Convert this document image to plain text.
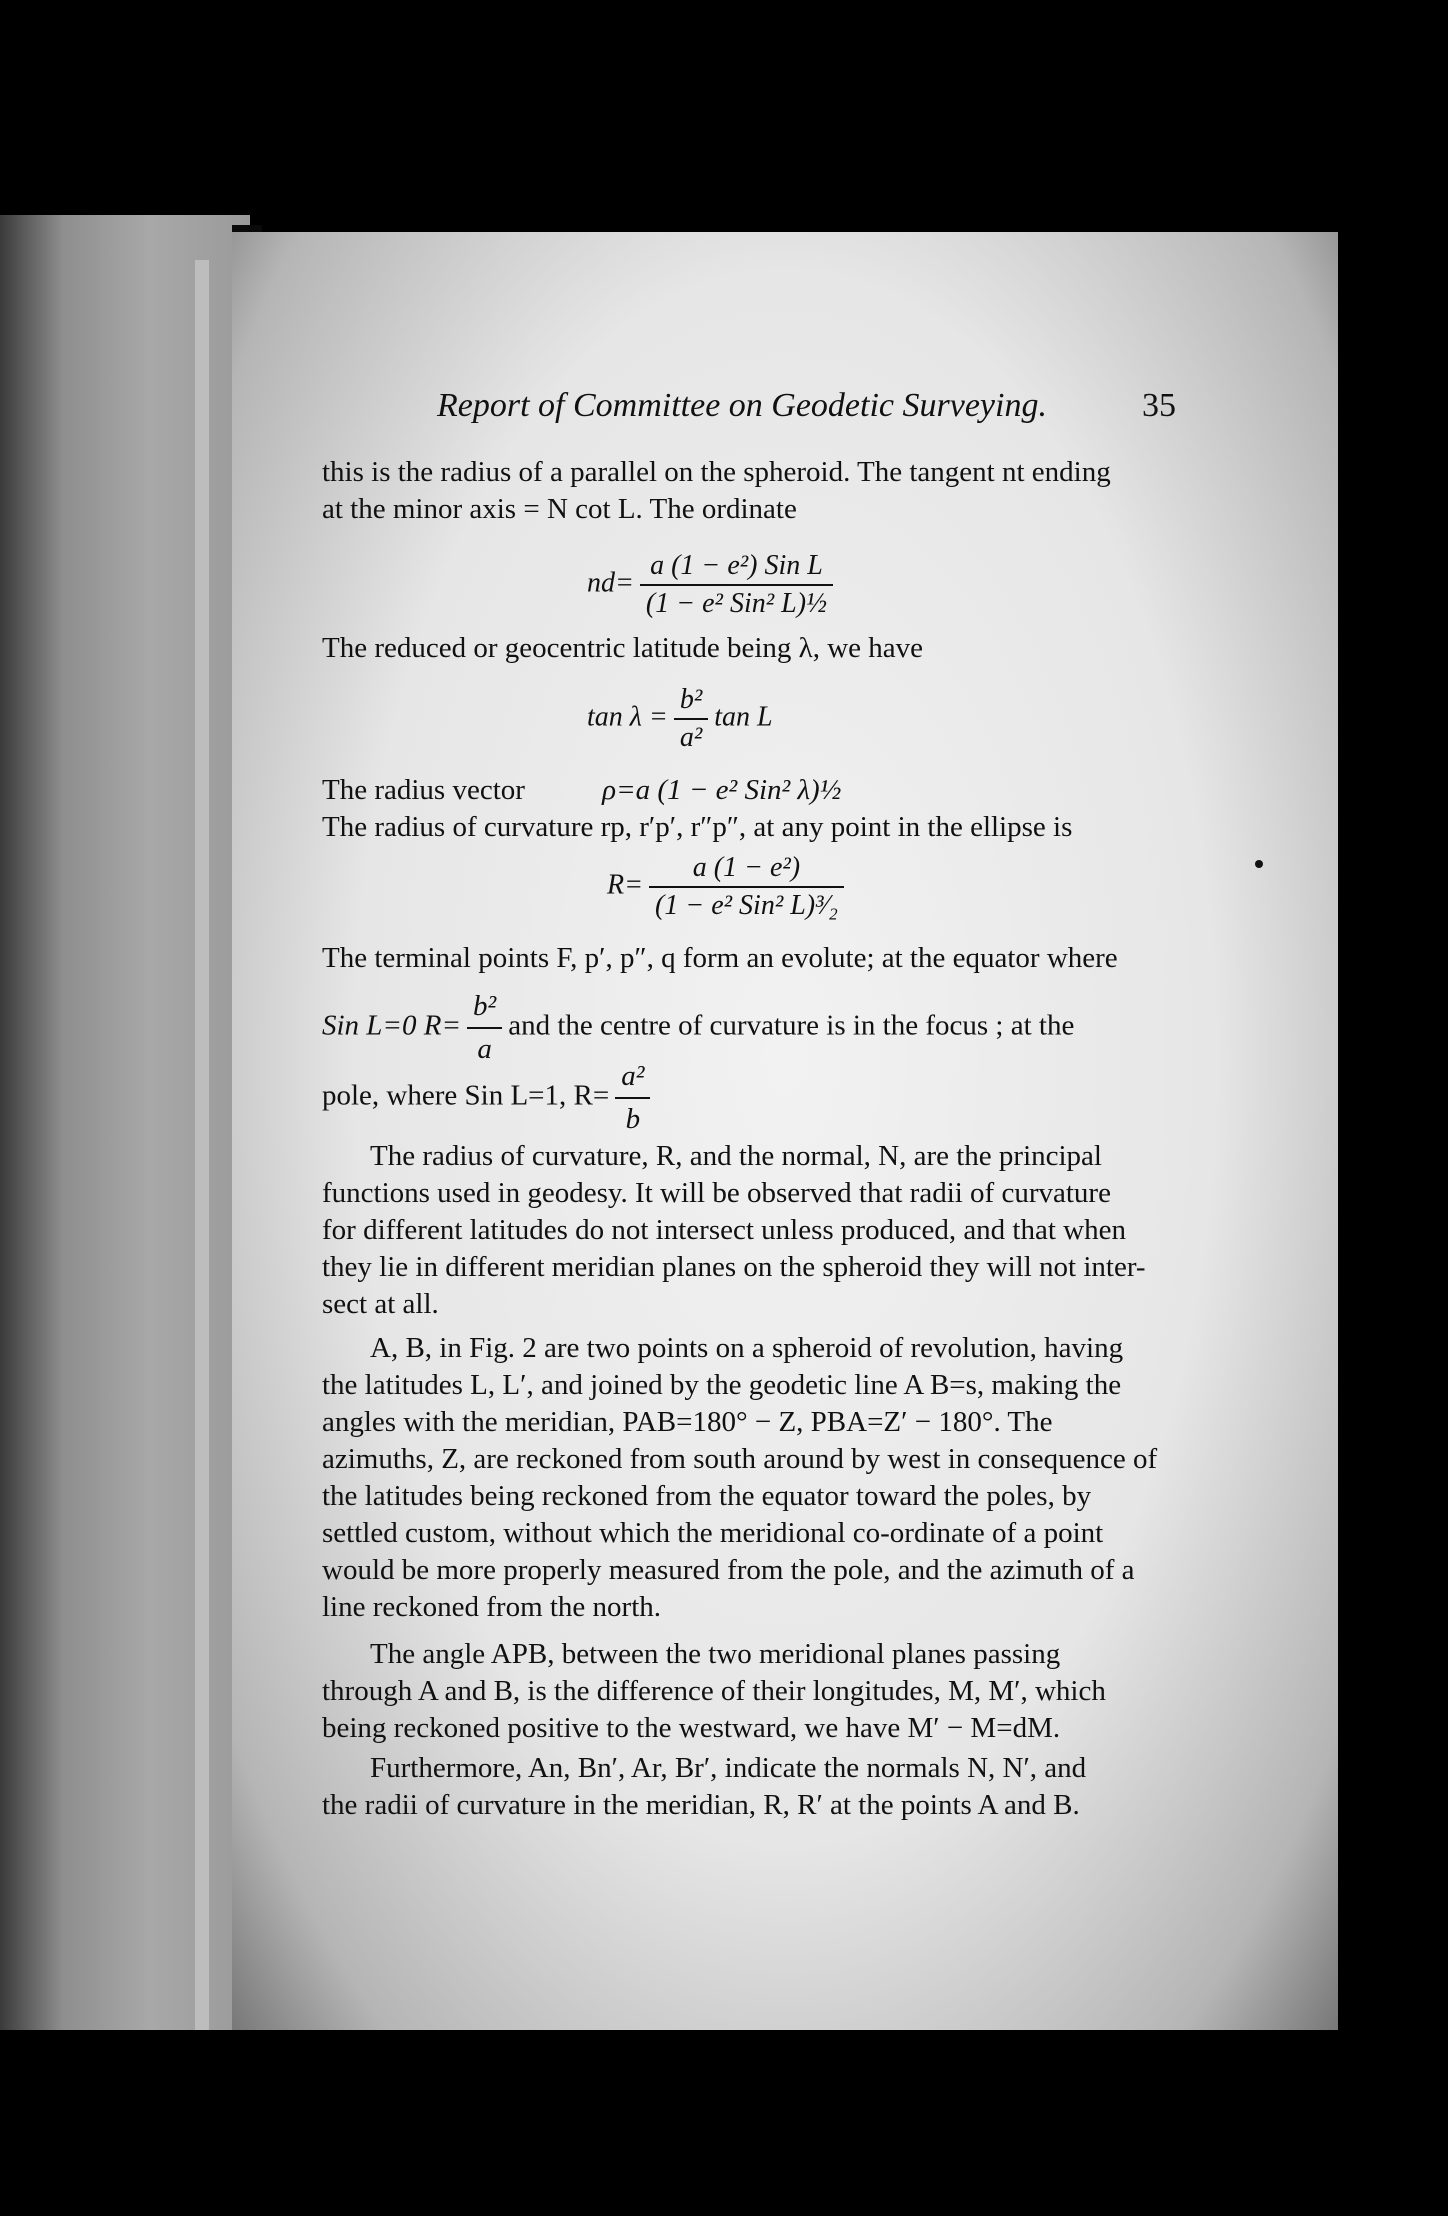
Report of Committee on Geodetic Surveying.	35
this is the radius of a parallel on the spheroid. The tangent nt ending
at the minor axis = N cot L. The ordinate
$nd= \frac{\text{a (1 − e²) Sin L}}{\text{(1 − e² Sin² L)½}}$
The reduced or geocentric latitude being λ, we have
$\tan \lambda = \frac{\text{b²}}{\text{a²}}$ tan L
The radius vector	ρ=a (1 − e² Sin² λ)½
The radius of curvature rp, r′p′, r″p″, at any point in the ellipse is
$R= \frac{\text{a (1 − e²)}}{\text{(1 − e² Sin² L)³⁄₂}}$
The terminal points F, p′, p″, q form an evolute; at the equator where
Sin L=0 $R= \frac{\text{b²}}{a}$ and the centre of curvature is in the focus ; at the
pole, where Sin L=1, $R= \frac{\text{a²}}{b}$
The radius of curvature, R, and the normal, N, are the principal
functions used in geodesy. It will be observed that radii of curvature
for different latitudes do not intersect unless produced, and that when
they lie in different meridian planes on the spheroid they will not inter-
sect at all.
A, B, in Fig. 2 are two points on a spheroid of revolution, having
the latitudes L, L′, and joined by the geodetic line A B=s, making the
angles with the meridian, PAB=180° − Z, PBA=Z′ − 180°. The
azimuths, Z, are reckoned from south around by west in consequence of
the latitudes being reckoned from the equator toward the poles, by
settled custom, without which the meridional co-ordinate of a point
would be more properly measured from the pole, and the azimuth of a
line reckoned from the north.
The angle APB, between the two meridional planes passing
through A and B, is the difference of their longitudes, M, M′, which
being reckoned positive to the westward, we have M′ − M=dM.
Furthermore, An, Bn′, Ar, Br′, indicate the normals N, N′, and
the radii of curvature in the meridian, R, R′ at the points A and B.
